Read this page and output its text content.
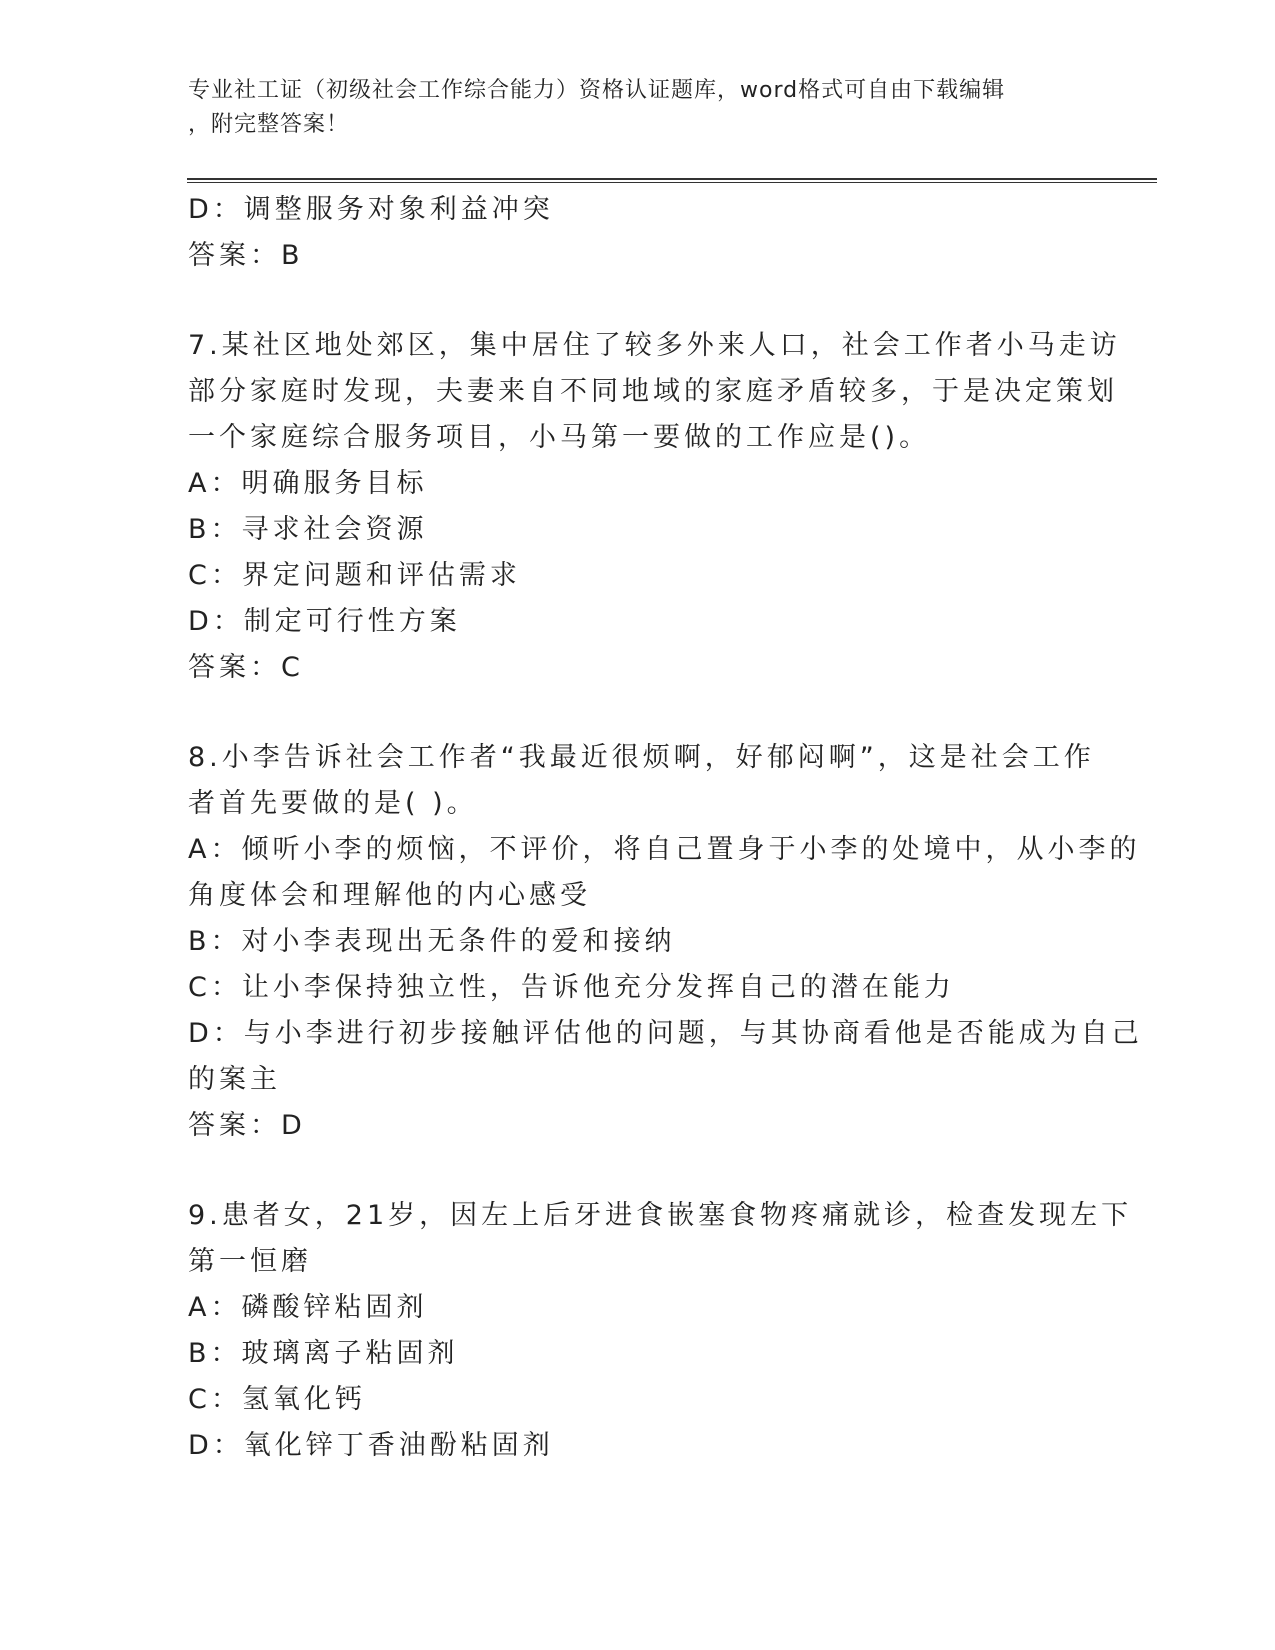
专业社工证（初级社会工作综合能力）资格认证题库，word格式可自由下载编辑
，附完整答案！
D：调整服务对象利益冲突
答案：B
7.某社区地处郊区，集中居住了较多外来人口，社会工作者小马走访
部分家庭时发现，夫妻来自不同地域的家庭矛盾较多，于是决定策划
一个家庭综合服务项目，小马第一要做的工作应是()。
A：明确服务目标
B：寻求社会资源
C：界定问题和评估需求
D：制定可行性方案
答案：C
8.小李告诉社会工作者“我最近很烦啊，好郁闷啊”，这是社会工作
者首先要做的是( )。
A：倾听小李的烦恼，不评价，将自己置身于小李的处境中，从小李的
角度体会和理解他的内心感受
B：对小李表现出无条件的爱和接纳
C：让小李保持独立性，告诉他充分发挥自己的潜在能力
D：与小李进行初步接触评估他的问题，与其协商看他是否能成为自己
的案主
答案：D
9.患者女，21岁，因左上后牙进食嵌塞食物疼痛就诊，检查发现左下
第一恒磨
A：磷酸锌粘固剂
B：玻璃离子粘固剂
C：氢氧化钙
D：氧化锌丁香油酚粘固剂
